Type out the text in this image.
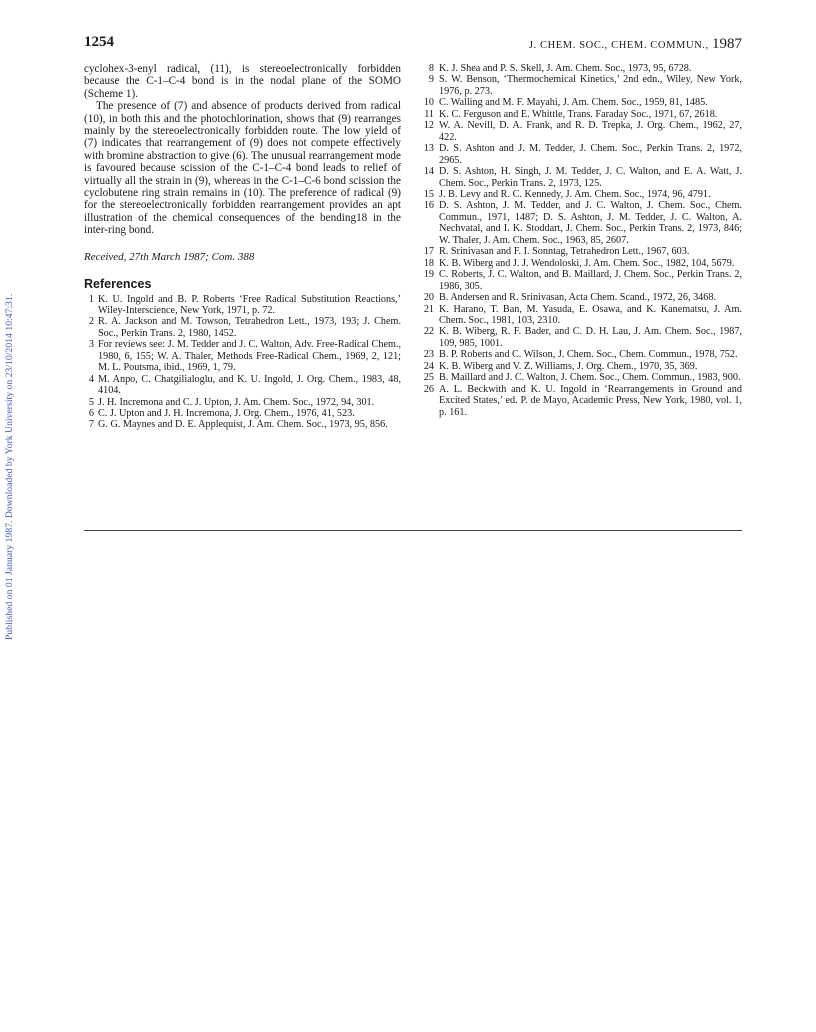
Published on 01 January 1987. Downloaded by York University on 23/10/2014 10:47:31.
1254	J. CHEM. SOC., CHEM. COMMUN., 1987

cyclohex-3-enyl radical, (11), is stereoelectronically forbidden because the C-1–C-4 bond is in the nodal plane of the SOMO (Scheme 1).

The presence of (7) and absence of products derived from radical (10), in both this and the photochlorination, shows that (9) rearranges mainly by the stereoelectronically forbidden route. The low yield of (7) indicates that rearrangement of (9) does not compete effectively with bromine abstraction to give (6). The unusual rearrangement mode is favoured because scission of the C-1–C-4 bond leads to relief of virtually all the strain in (9), whereas in the C-1–C-6 bond scission the cyclobutene ring strain remains in (10). The preference of radical (9) for the stereoelectronically forbidden rearrangement provides an apt illustration of the chemical consequences of the bending18 in the inter-ring bond.

Received, 27th March 1987; Com. 388

References
1 K. U. Ingold and B. P. Roberts ‘Free Radical Substitution Reactions,’ Wiley-Interscience, New York, 1971, p. 72.
2 R. A. Jackson and M. Towson, Tetrahedron Lett., 1973, 193; J. Chem. Soc., Perkin Trans. 2, 1980, 1452.
3 For reviews see: J. M. Tedder and J. C. Walton, Adv. Free-Radical Chem., 1980, 6, 155; W. A. Thaler, Methods Free-Radical Chem., 1969, 2, 121; M. L. Poutsma, ibid., 1969, 1, 79.
4 M. Anpo, C. Chatgilialoglu, and K. U. Ingold, J. Org. Chem., 1983, 48, 4104.
5 J. H. Incremona and C. J. Upton, J. Am. Chem. Soc., 1972, 94, 301.
6 C. J. Upton and J. H. Incremona, J. Org. Chem., 1976, 41, 523.
7 G. G. Maynes and D. E. Applequist, J. Am. Chem. Soc., 1973, 95, 856.
8 K. J. Shea and P. S. Skell, J. Am. Chem. Soc., 1973, 95, 6728.
9 S. W. Benson, ‘Thermochemical Kinetics,’ 2nd edn., Wiley, New York, 1976, p. 273.
10 C. Walling and M. F. Mayahi, J. Am. Chem. Soc., 1959, 81, 1485.
11 K. C. Ferguson and E. Whittle, Trans. Faraday Soc., 1971, 67, 2618.
12 W. A. Nevill, D. A. Frank, and R. D. Trepka, J. Org. Chem., 1962, 27, 422.
13 D. S. Ashton and J. M. Tedder, J. Chem. Soc., Perkin Trans. 2, 1972, 2965.
14 D. S. Ashton, H. Singh, J. M. Tedder, J. C. Walton, and E. A. Watt, J. Chem. Soc., Perkin Trans. 2, 1973, 125.
15 J. B. Levy and R. C. Kennedy, J. Am. Chem. Soc., 1974, 96, 4791.
16 D. S. Ashton, J. M. Tedder, and J. C. Walton, J. Chem. Soc., Chem. Commun., 1971, 1487; D. S. Ashton, J. M. Tedder, J. C. Walton, A. Nechvatal, and I. K. Stoddart, J. Chem. Soc., Perkin Trans. 2, 1973, 846; W. Thaler, J. Am. Chem. Soc., 1963, 85, 2607.
17 R. Srinivasan and F. I. Sonntag, Tetrahedron Lett., 1967, 603.
18 K. B. Wiberg and J. J. Wendoloski, J. Am. Chem. Soc., 1982, 104, 5679.
19 C. Roberts, J. C. Walton, and B. Maillard, J. Chem. Soc., Perkin Trans. 2, 1986, 305.
20 B. Andersen and R. Srinivasan, Acta Chem. Scand., 1972, 26, 3468.
21 K. Harano, T. Ban, M. Yasuda, E. Osawa, and K. Kanematsu, J. Am. Chem. Soc., 1981, 103, 2310.
22 K. B. Wiberg, R. F. Bader, and C. D. H. Lau, J. Am. Chem. Soc., 1987, 109, 985, 1001.
23 B. P. Roberts and C. Wilson, J. Chem. Soc., Chem. Commun., 1978, 752.
24 K. B. Wiberg and V. Z. Williams, J. Org. Chem., 1970, 35, 369.
25 B. Maillard and J. C. Walton, J. Chem. Soc., Chem. Commun., 1983, 900.
26 A. L. Beckwith and K. U. Ingold in ‘Rearrangements in Ground and Excited States,’ ed. P. de Mayo, Academic Press, New York, 1980, vol. 1, p. 161.
